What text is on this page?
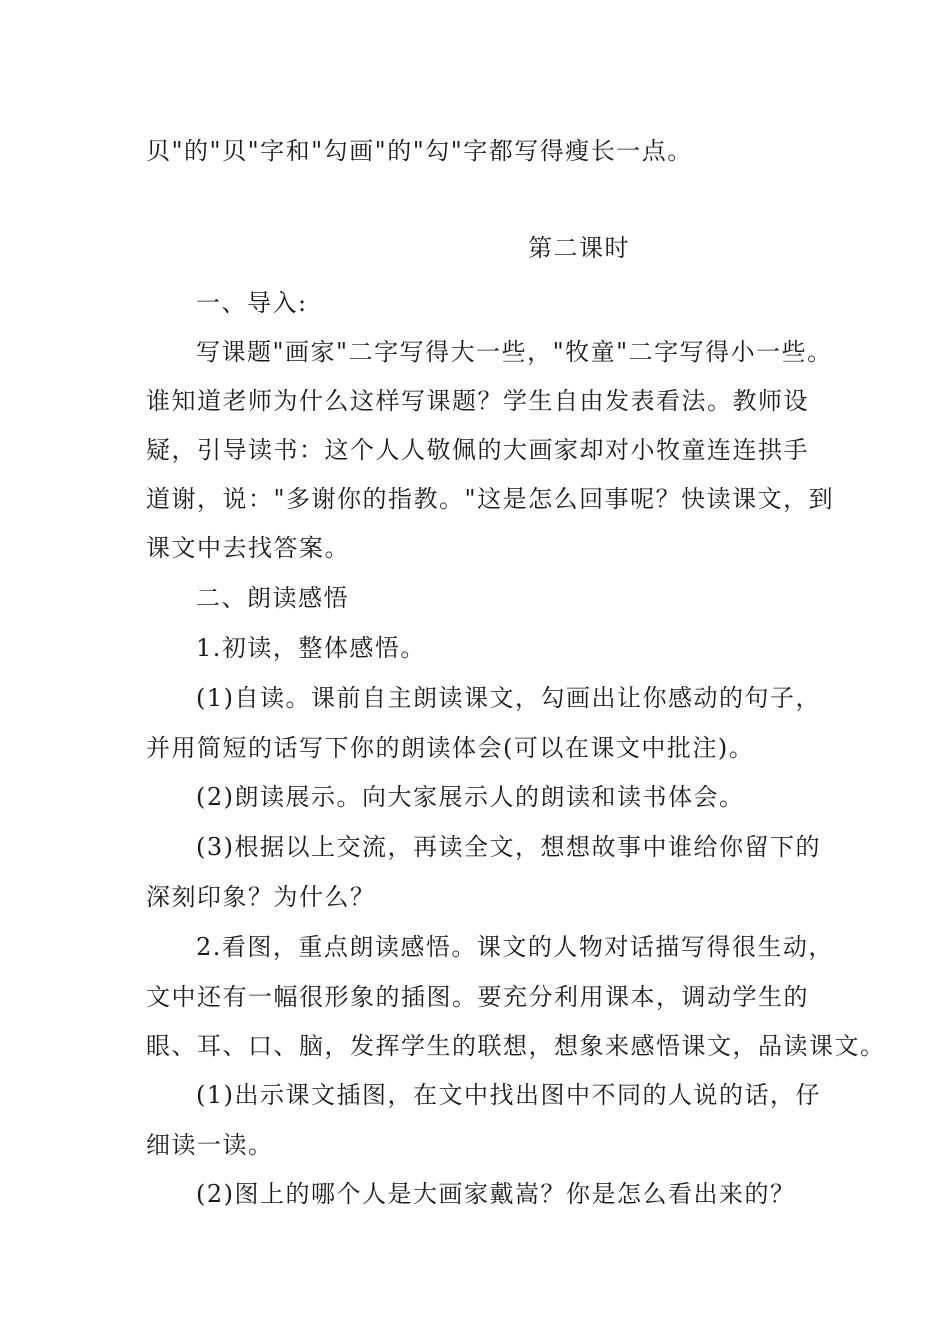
贝"的"贝"字和"勾画"的"勾"字都写得瘦长一点。
第二课时
一、导入:
写课题"画家"二字写得大一些，"牧童"二字写得小一些。
谁知道老师为什么这样写课题？学生自由发表看法。教师设
疑，引导读书：这个人人敬佩的大画家却对小牧童连连拱手
道谢，说："多谢你的指教。"这是怎么回事呢？快读课文，到
课文中去找答案。
二、朗读感悟
1.初读，整体感悟。
(1)自读。课前自主朗读课文，勾画出让你感动的句子，
并用简短的话写下你的朗读体会(可以在课文中批注)。
(2)朗读展示。向大家展示人的朗读和读书体会。
(3)根据以上交流，再读全文，想想故事中谁给你留下的
深刻印象？为什么？
2.看图，重点朗读感悟。课文的人物对话描写得很生动，
文中还有一幅很形象的插图。要充分利用课本，调动学生的
眼、耳、口、脑，发挥学生的联想，想象来感悟课文，品读课文。
(1)出示课文插图，在文中找出图中不同的人说的话，仔
细读一读。
(2)图上的哪个人是大画家戴嵩？你是怎么看出来的？
